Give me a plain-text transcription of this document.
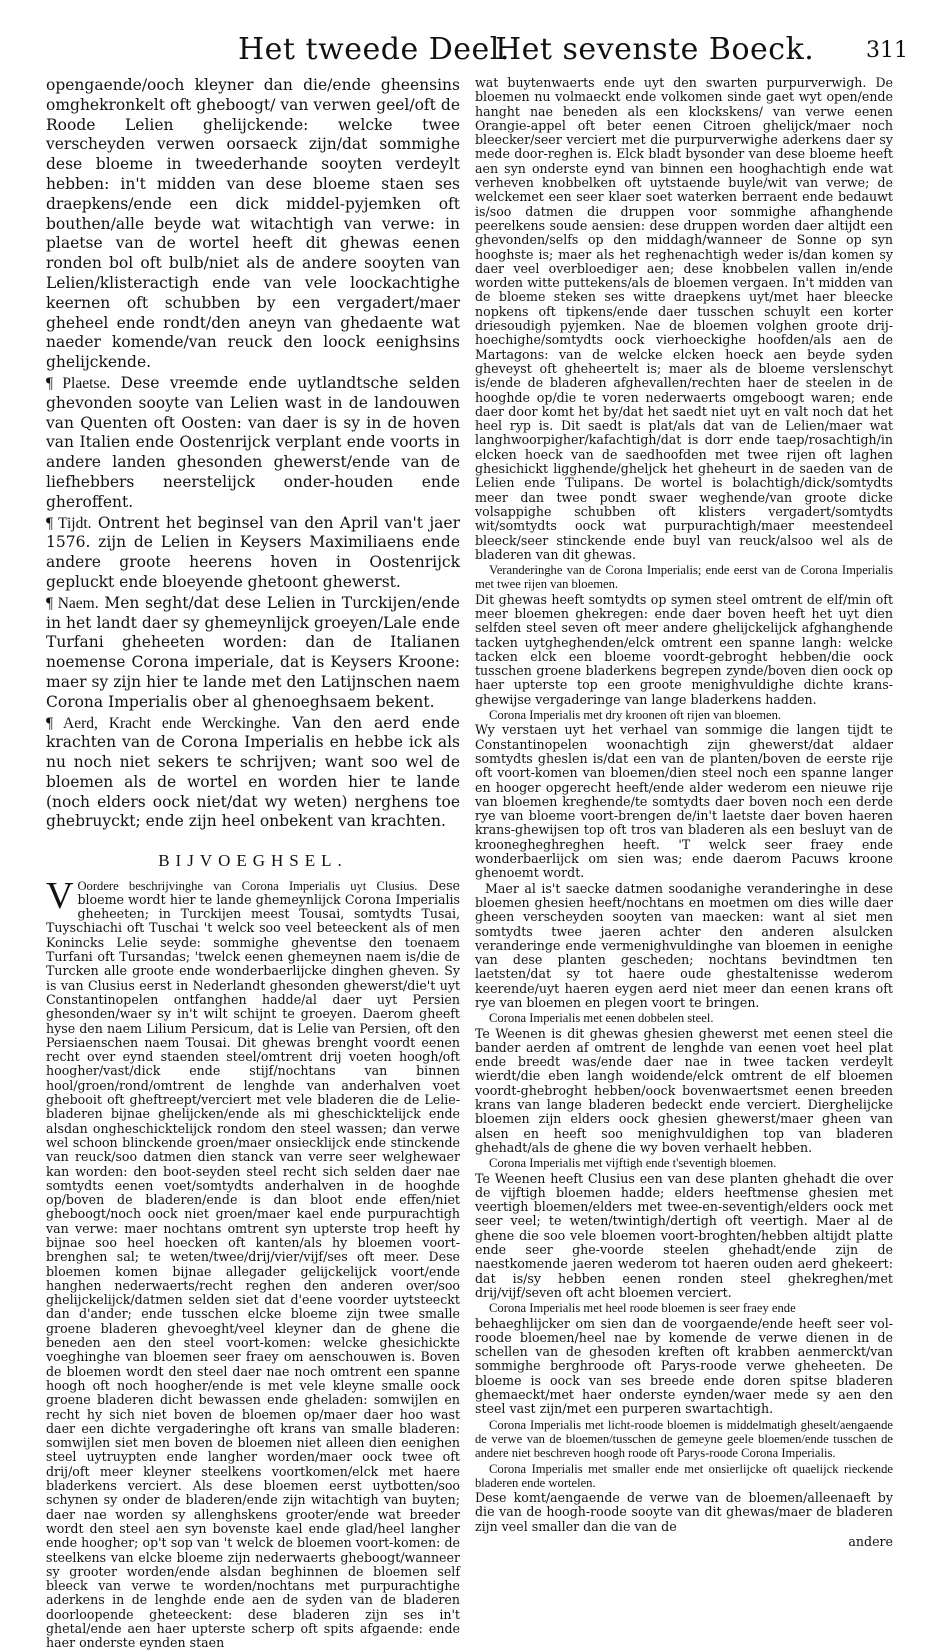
Het tweede Deel.
Het sevenste Boeck. 311

opengaende/ooch kleyner dan die/ende gheensins omghekronkelt oft gheboogt/ van verwen geel/oft de Roode Lelien ghelijckende: welcke twee verscheyden verwen oorsaeck zijn/dat sommighe dese bloeme in tweederhande sooyten verdeylt hebben: in't midden van dese bloeme staen ses draepkens/ende een dick middel-pyjemken oft bouthen/alle beyde wat witachtigh van verwe: in plaetse van de wortel heeft dit ghewas eenen ronden bol oft bulb/niet als de andere sooyten van Lelien/klisteractigh ende van vele loockachtighe keernen oft schubben by een vergadert/maer gheheel ende rondt/den aneyn van ghedaente wat naeder komende/van reuck den loock eenighsins ghelijckende.

¶ Plaetse. Dese vreemde ende uytlandtsche selden ghevonden sooyte van Lelien wast in de landouwen van Quenten oft Oosten: van daer is sy in de hoven van Italien ende Oostenrijck verplant ende voorts in andere landen ghesonden ghewerst/ende van de liefhebbers neerstelijck onder-houden ende gheroffent.

¶ Tijdt. Ontrent het beginsel van den April van't jaer 1576. zijn de Lelien in Keysers Maximiliaens ende andere groote heerens hoven in Oostenrijck gepluckt ende bloeyende ghetoont ghewerst.

¶ Naem. Men seght/dat dese Lelien in Turckijen/ende in het landt daer sy ghemeynlijck groeyen/Lale ende Turfani gheheeten worden: dan de Italianen noemense Corona imperiale, dat is Keysers Kroone: maer sy zijn hier te lande met den Latijnschen naem Corona Imperialis ober al ghenoeghsaem bekent.

¶ Aerd, Kracht ende Werckinghe. Van den aerd ende krachten van de Corona Imperialis en hebbe ick als nu noch niet sekers te schrijven; want soo wel de bloemen als de wortel en worden hier te lande (noch elders oock niet/dat wy weten) nerghens toe ghebruyckt; ende zijn heel onbekent van krachten.

BIJVOEGHSEL.

V Oordere beschrijvinghe van Corona Imperialis uyt Clusius. Dese bloeme wordt hier te lande ghemeynlijck Corona Imperialis gheheeten; in Turckijen meest Tousai, somtydts Tusai, Tuyschiachi oft Tuschai 't welck soo veel beteeckent als of men Konincks Lelie seyde: sommighe gheventse den toenaem Turfani oft Tursandas; 'twelck eenen ghemeynen naem is/die de Turcken alle groote ende wonderbaerlijcke dinghen gheven. Sy is van Clusius eerst in Nederlandt ghesonden ghewerst/die't uyt Constantinopelen ontfanghen hadde/al daer uyt Persien ghesonden/waer sy in't wilt schijnt te groeyen. Daerom gheeft hyse den naem Lilium Persicum, dat is Lelie van Persien, oft den Persiaenschen naem Tousai. Dit ghewas brenght voordt eenen recht over eynd staenden steel/omtrent drij voeten hoogh/oft hoogher/vast/dick ende stijf/nochtans van binnen hool/groen/rond/omtrent de lenghde van anderhalven voet ghebooit oft gheftreept/verciert met vele bladeren die de Lelie-bladeren bijnae ghelijcken/ende als mi gheschicktelijck ende alsdan ongheschicktelijck rondom den steel wassen; dan verwe wel schoon blinckende groen/maer onsiecklijck ende stinckende van reuck/soo datmen dien stanck van verre seer welghewaer kan worden: den boot-seyden steel recht sich selden daer nae somtydts eenen voet/somtydts anderhalven in de hooghde op/boven de bladeren/ende is dan bloot ende effen/niet gheboogt/noch oock niet groen/maer kael ende purpurachtigh van verwe: maer nochtans omtrent syn upterste trop heeft hy bijnae soo heel hoecken oft kanten/als hy bloemen voort-brenghen sal; te weten/twee/drij/vier/vijf/ses oft meer. Dese bloemen komen bijnae allegader gelijckelijck voort/ende hanghen nederwaerts/recht reghen den anderen over/soo ghelijckelijck/datmen selden siet dat d'eene voorder uytsteeckt dan d'ander; ende tusschen elcke bloeme zijn twee smalle groene bladeren ghevoeght/veel kleyner dan de ghene die beneden aen den steel voort-komen: welcke ghesichickte voeghinghe van bloemen seer fraey om aenschouwen is. Boven de bloemen wordt den steel daer nae noch omtrent een spanne hoogh oft noch hoogher/ende is met vele kleyne smalle oock groene bladeren dicht bewassen ende gheladen: somwijlen en recht hy sich niet boven de bloemen op/maer daer hoo wast daer een dichte vergaderinghe oft krans van smalle bladeren: somwijlen siet men boven de bloemen niet alleen dien eenighen steel uytruypten ende langher worden/maer oock twee oft drij/oft meer kleyner steelkens voortkomen/elck met haere bladerkens verciert. Als dese bloemen eerst uytbotten/soo schynen sy onder de bladeren/ende zijn witachtigh van buyten; daer nae worden sy allenghskens grooter/ende wat breeder wordt den steel aen syn bovenste kael ende glad/heel langher ende hoogher; op't sop van 't welck de bloemen voort-komen: de steelkens van elcke bloeme zijn nederwaerts gheboogt/wanneer sy grooter worden/ende alsdan beghinnen de bloemen self bleeck van verwe te worden/nochtans met purpurachtighe aderkens in de lenghde ende aen de syden van de bladeren doorloopende gheteeckent: dese bladeren zijn ses in't ghetal/ende aen haer upterste scherp oft spits afgaende: ende haer onderste eynden staen

wat buytenwaerts ende uyt den swarten purpurverwigh. De bloemen nu volmaeckt ende volkomen sinde gaet wyt open/ende hanght nae beneden als een klockskens/ van verwe eenen Orangie-appel oft beter eenen Citroen ghelijck/maer noch bleecker/seer verciert met die purpurverwighe aderkens daer sy mede door-reghen is. Elck bladt bysonder van dese bloeme heeft aen syn onderste eynd van binnen een hooghachtigh ende wat verheven knobbelken oft uytstaende buyle/wit van verwe; de welckemet een seer klaer soet waterken berraent ende bedauwt is/soo datmen die druppen voor sommighe afhanghende peerelkens soude aensien: dese druppen worden daer altijdt een ghevonden/selfs op den middagh/wanneer de Sonne op syn hooghste is; maer als het reghenachtigh weder is/dan komen sy daer veel overbloediger aen; dese knobbelen vallen in/ende worden witte puttekens/als de bloemen vergaen. In't midden van de bloeme steken ses witte draepkens uyt/met haer bleecke nopkens oft tipkens/ende daer tusschen schuylt een korter driesoudigh pyjemken. Nae de bloemen volghen groote drij-hoechighe/somtydts oock vierhoeckighe hoofden/als aen de Martagons: van de welcke elcken hoeck aen beyde syden gheveyst oft gheheertelt is; maer als de bloeme verslenschyt is/ende de bladeren afghevallen/rechten haer de steelen in de hooghde op/die te voren nederwaerts omgeboogt waren; ende daer door komt het by/dat het saedt niet uyt en valt noch dat het heel ryp is. Dit saedt is plat/als dat van de Lelien/maer wat langhwoorpigher/kafachtigh/dat is dorr ende taep/rosachtigh/in elcken hoeck van de saedhoofden met twee rijen oft laghen ghesichickt ligghende/gheljck het gheheurt in de saeden van de Lelien ende Tulipans. De wortel is bolachtigh/dick/somtydts meer dan twee pondt swaer weghende/van groote dicke volsappighe schubben oft klisters vergadert/somtydts wit/somtydts oock wat purpurachtigh/maer meestendeel bleeck/seer stinckende ende buyl van reuck/alsoo wel als de bladeren van dit ghewas.

Veranderinghe van de Corona Imperialis; ende eerst van de Corona Imperialis met twee rijen van bloemen.

Dit ghewas heeft somtydts op symen steel omtrent de elf/min oft meer bloemen ghekregen: ende daer boven heeft het uyt dien selfden steel seven oft meer andere ghelijckelijck afghanghende tacken uytgheghenden/elck omtrent een spanne langh: welcke tacken elck een bloeme voordt-gebroght hebben/die oock tusschen groene bladerkens begrepen zynde/boven dien oock op haer upterste top een groote menighvuldighe dichte krans-ghewijse vergaderinge van lange bladerkens hadden.

Corona Imperialis met dry kroonen oft rijen van bloemen.

Wy verstaen uyt het verhael van sommige die langen tijdt te Constantinopelen woonachtigh zijn ghewerst/dat aldaer somtydts gheslen is/dat een van de planten/boven de eerste rije oft voort-komen van bloemen/dien steel noch een spanne langer en hooger opgerecht heeft/ende alder wederom een nieuwe rije van bloemen kreghende/te somtydts daer boven noch een derde rye van bloeme voort-brengen de/in't laetste daer boven haeren krans-ghewijsen top oft tros van bladeren als een besluyt van de kroonegheghreghen heeft. 'T welck seer fraey ende wonderbaerlijck om sien was; ende daerom Pacuws kroone ghenoemt wordt.

Maer al is't saecke datmen soodanighe veranderinghe in dese bloemen ghesien heeft/nochtans en moetmen om dies wille daer gheen verscheyden sooyten van maecken: want al siet men somtydts twee jaeren achter den anderen alsulcken veranderinge ende vermenighvuldinghe van bloemen in eenighe van dese planten gescheden; nochtans bevindtmen ten laetsten/dat sy tot haere oude ghestaltenisse wederom keerende/uyt haeren eygen aerd niet meer dan eenen krans oft rye van bloemen en plegen voort te bringen.

Corona Imperialis met eenen dobbelen steel.

Te Weenen is dit ghewas ghesien ghewerst met eenen steel die bander aerden af omtrent de lenghde van eenen voet heel plat ende breedt was/ende daer nae in twee tacken verdeylt wierdt/die eben langh woidende/elck omtrent de elf bloemen voordt-ghebroght hebben/oock bovenwaertsmet eenen breeden krans van lange bladeren bedeckt ende verciert. Dierghelijcke bloemen zijn elders oock ghesien ghewerst/maer gheen van alsen en heeft soo menighvuldighen top van bladeren ghehadt/als de ghene die wy boven verhaelt hebben.

Corona Imperialis met vijftigh ende t'seventigh bloemen.

Te Weenen heeft Clusius een van dese planten ghehadt die over de vijftigh bloemen hadde; elders heeftmense ghesien met veertigh bloemen/elders met twee-en-seventigh/elders oock met seer veel; te weten/twintigh/dertigh oft veertigh. Maer al de ghene die soo vele bloemen voort-broghten/hebben altijdt platte ende seer ghe-voorde steelen ghehadt/ende zijn de naestkomende jaeren wederom tot haeren ouden aerd ghekeert: dat is/sy hebben eenen ronden steel ghekreghen/met drij/vijf/seven oft acht bloemen verciert.

Corona Imperialis met heel roode bloemen is seer fraey ende

behaeghlijcker om sien dan de voorgaende/ende heeft seer vol-roode bloemen/heel nae by komende de verwe dienen in de schellen van de ghesoden kreften oft krabben aenmerckt/van sommighe berghroode oft Parys-roode verwe gheheeten. De bloeme is oock van ses breede ende doren spitse bladeren ghemaeckt/met haer onderste eynden/waer mede sy aen den steel vast zijn/met een purperen swartachtigh.

Corona Imperialis met licht-roode bloemen is middelmatigh gheselt/aengaende de verwe van de bloemen/tusschen de gemeyne geele bloemen/ende tusschen de andere niet beschreven hoogh roode oft Parys-roode Corona Imperialis.

Corona Imperialis met smaller ende met onsierlijcke oft quaelijck rieckende bladeren ende wortelen.

Dese komt/aengaende de verwe van de bloemen/alleenaeft by die van de hoogh-roode sooyte van dit ghewas/maer de bladeren zijn veel smaller dan die van de

andere
